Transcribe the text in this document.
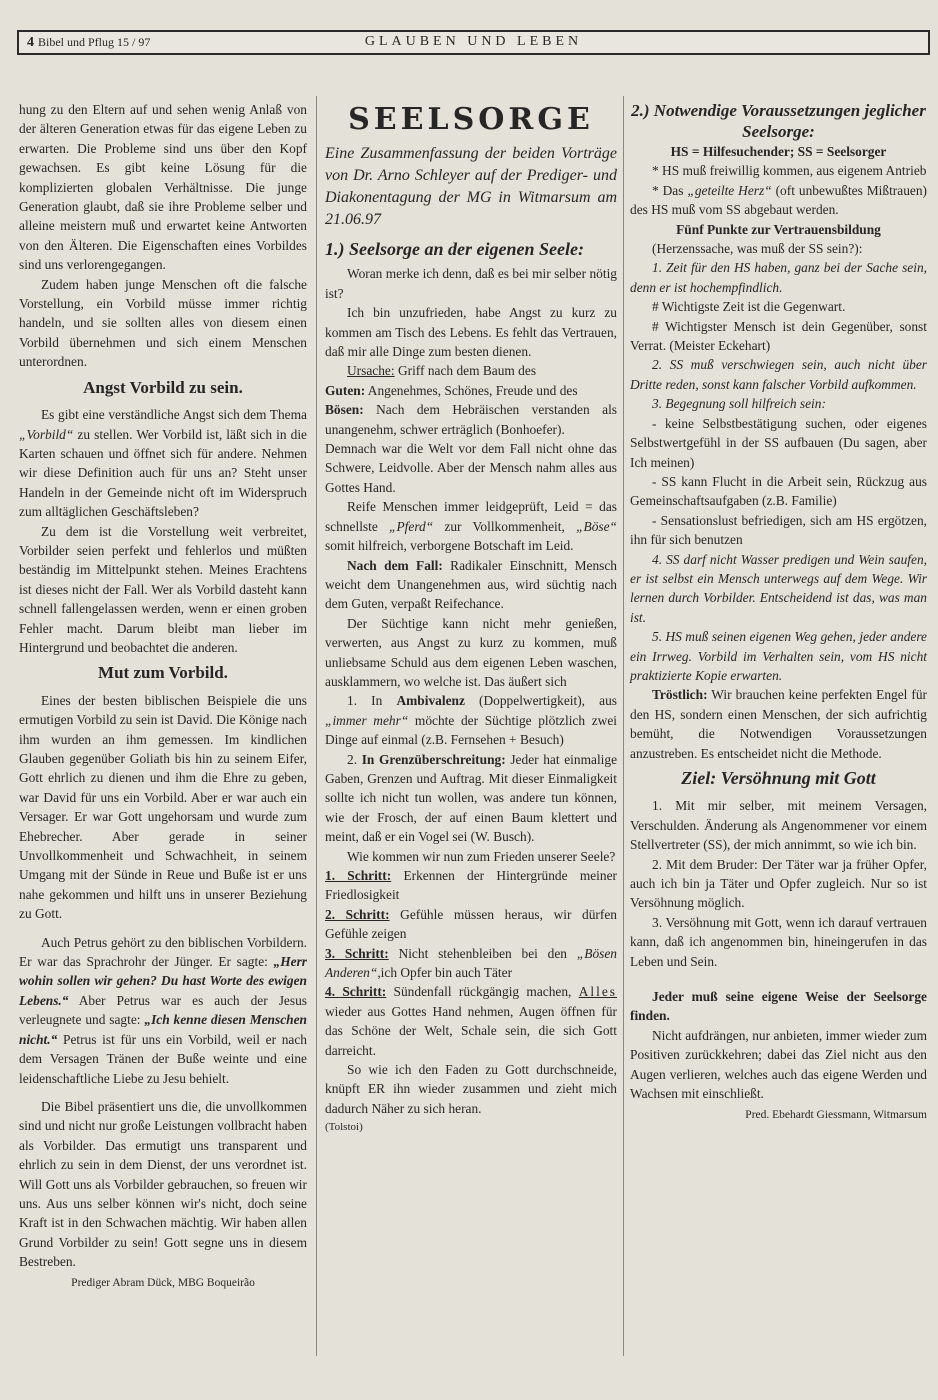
4 Bibel und Pflug 15 / 97	GLAUBEN UND LEBEN

hung zu den Eltern auf und sehen wenig Anlaß von der älteren Generation etwas für das eigene Leben zu erwarten. Die Probleme sind uns über den Kopf gewachsen. Es gibt keine Lösung für die komplizierten globalen Verhältnisse. Die junge Generation glaubt, daß sie ihre Probleme selber und alleine meistern muß und erwartet keine Antworten von den Älteren. Die Eigenschaften eines Vorbildes sind uns verlorengegangen.

Zudem haben junge Menschen oft die falsche Vorstellung, ein Vorbild müsse immer richtig handeln, und sie sollten alles von diesem einen Vorbild übernehmen und sich einem Menschen unterordnen.

Angst Vorbild zu sein.

Es gibt eine verständliche Angst sich dem Thema „Vorbild“ zu stellen. Wer Vorbild ist, läßt sich in die Karten schauen und öffnet sich für andere. Nehmen wir diese Definition auch für uns an? Steht unser Handeln in der Gemeinde nicht oft im Widerspruch zum alltäglichen Geschäftsleben?

Zu dem ist die Vorstellung weit verbreitet, Vorbilder seien perfekt und fehlerlos und müßten beständig im Mittelpunkt stehen. Meines Erachtens ist dieses nicht der Fall. Wer als Vorbild dasteht kann schnell fallengelassen werden, wenn er einen groben Fehler macht. Darum bleibt man lieber im Hintergrund und beobachtet die anderen.

Mut zum Vorbild.

Eines der besten biblischen Beispiele die uns ermutigen Vorbild zu sein ist David. Die Könige nach ihm wurden an ihm gemessen. Im kindlichen Glauben gegenüber Goliath bis hin zu seinem Eifer, Gott ehrlich zu dienen und ihm die Ehre zu geben, war David für uns ein Vorbild. Aber er war auch ein Versager. Er war Gott ungehorsam und wurde zum Ehebrecher. Aber gerade in seiner Unvollkommenheit und Schwachheit, in seinem Umgang mit der Sünde in Reue und Buße ist er uns nahe gekommen und hilft uns in unserer Beziehung zu Gott.

Auch Petrus gehört zu den biblischen Vorbildern. Er war das Sprachrohr der Jünger. Er sagte: „Herr wohin sollen wir gehen? Du hast Worte des ewigen Lebens.“ Aber Petrus war es auch der Jesus verleugnete und sagte: „Ich kenne diesen Menschen nicht.“ Petrus ist für uns ein Vorbild, weil er nach dem Versagen Tränen der Buße weinte und eine leidenschaftliche Liebe zu Jesu behielt.

Die Bibel präsentiert uns die, die unvollkommen sind und nicht nur große Leistungen vollbracht haben als Vorbilder. Das ermutigt uns transparent und ehrlich zu sein in dem Dienst, der uns verordnet ist. Will Gott uns als Vorbilder gebrauchen, so freuen wir uns. Aus uns selber können wir's nicht, doch seine Kraft ist in den Schwachen mächtig. Wir haben allen Grund Vorbilder zu sein! Gott segne uns in diesem Bestreben.

Prediger Abram Dück, MBG Boqueirão
SEELSORGE
Eine Zusammenfassung der beiden Vorträge von Dr. Arno Schleyer auf der Prediger- und Diakonentagung der MG in Witmarsum am 21.06.97
1.) Seelsorge an der eigenen Seele:

Woran merke ich denn, daß es bei mir selber nötig ist?

Ich bin unzufrieden, habe Angst zu kurz zu kommen am Tisch des Lebens. Es fehlt das Vertrauen, daß mir alle Dinge zum besten dienen.

Ursache: Griff nach dem Baum des

Guten: Angenehmes, Schönes, Freude und des

Bösen: Nach dem Hebräischen verstanden als unangenehm, schwer erträglich (Bonhoefer).

Demnach war die Welt vor dem Fall nicht ohne das Schwere, Leidvolle. Aber der Mensch nahm alles aus Gottes Hand.

Reife Menschen immer leidgeprüft, Leid = das schnellste „Pferd“ zur Vollkommenheit, „Böse“ somit hilfreich, verborgene Botschaft im Leid.

Nach dem Fall: Radikaler Einschnitt, Mensch weicht dem Unangenehmen aus, wird süchtig nach dem Guten, verpaßt Reifechance.

Der Süchtige kann nicht mehr genießen, verwerten, aus Angst zu kurz zu kommen, muß unliebsame Schuld aus dem eigenen Leben waschen, ausklammern, wo welche ist. Das äußert sich

1. In Ambivalenz (Doppelwertigkeit), aus „immer mehr“ möchte der Süchtige plötzlich zwei Dinge auf einmal (z.B. Fernsehen + Besuch)

2. In Grenzüberschreitung: Jeder hat einmalige Gaben, Grenzen und Auftrag. Mit dieser Einmaligkeit sollte ich nicht tun wollen, was andere tun können, wie der Frosch, der auf einen Baum klettert und meint, daß er ein Vogel sei (W. Busch).

Wie kommen wir nun zum Frieden unserer Seele?

1. Schritt: Erkennen der Hintergründe meiner Friedlosigkeit

2. Schritt: Gefühle müssen heraus, wir dürfen Gefühle zeigen

3. Schritt: Nicht stehenbleiben bei den „Bösen Anderen“,ich Opfer bin auch Täter

4. Schritt: Sündenfall rückgängig machen, Alles wieder aus Gottes Hand nehmen, Augen öffnen für das Schöne der Welt, Schale sein, die sich Gott darreicht.

So wie ich den Faden zu Gott durchschneide, knüpft ER ihn wieder zusammen und zieht mich dadurch Näher zu sich heran.

(Tolstoi)
2.) Notwendige Voraussetzungen jeglicher Seelsorge:
HS = Hilfesuchender; SS = Seelsorger

* HS muß freiwillig kommen, aus eigenem Antrieb

* Das „geteilte Herz“ (oft unbewußtes Mißtrauen) des HS muß vom SS abgebaut werden.

Fünf Punkte zur Vertrauensbildung

(Herzenssache, was muß der SS sein?):

1. Zeit für den HS haben, ganz bei der Sache sein, denn er ist hochempfindlich.

# Wichtigste Zeit ist die Gegenwart.

# Wichtigster Mensch ist dein Gegenüber, sonst Verrat. (Meister Eckehart)

2. SS muß verschwiegen sein, auch nicht über Dritte reden, sonst kann falscher Vorbild aufkommen.

3. Begegnung soll hilfreich sein:

- keine Selbstbestätigung suchen, oder eigenes Selbstwertgefühl in der SS aufbauen (Du sagen, aber Ich meinen)

- SS kann Flucht in die Arbeit sein, Rückzug aus Gemeinschaftsaufgaben (z.B. Familie)

- Sensationslust befriedigen, sich am HS ergötzen, ihn für sich benutzen

4. SS darf nicht Wasser predigen und Wein saufen, er ist selbst ein Mensch unterwegs auf dem Wege. Wir lernen durch Vorbilder. Entscheidend ist das, was man ist.

5. HS muß seinen eigenen Weg gehen, jeder andere ein Irrweg. Vorbild im Verhalten sein, vom HS nicht praktizierte Kopie erwarten.

Tröstlich: Wir brauchen keine perfekten Engel für den HS, sondern einen Menschen, der sich aufrichtig bemüht, die Notwendigen Voraussetzungen anzustreben. Es entscheidet nicht die Methode.

Ziel: Versöhnung mit Gott

1. Mit mir selber, mit meinem Versagen, Verschulden. Änderung als Angenommener vor einem Stellvertreter (SS), der mich annimmt, so wie ich bin.

2. Mit dem Bruder: Der Täter war ja früher Opfer, auch ich bin ja Täter und Opfer zugleich. Nur so ist Versöhnung möglich.

3. Versöhnung mit Gott, wenn ich darauf vertrauen kann, daß ich angenommen bin, hineingerufen in das Leben und Sein.

Jeder muß seine eigene Weise der Seelsorge finden.

Nicht aufdrängen, nur anbieten, immer wieder zum Positiven zurückkehren; dabei das Ziel nicht aus den Augen verlieren, welches auch das eigene Werden und Wachsen mit einschließt.

Pred. Ebehardt Giessmann, Witmarsum
